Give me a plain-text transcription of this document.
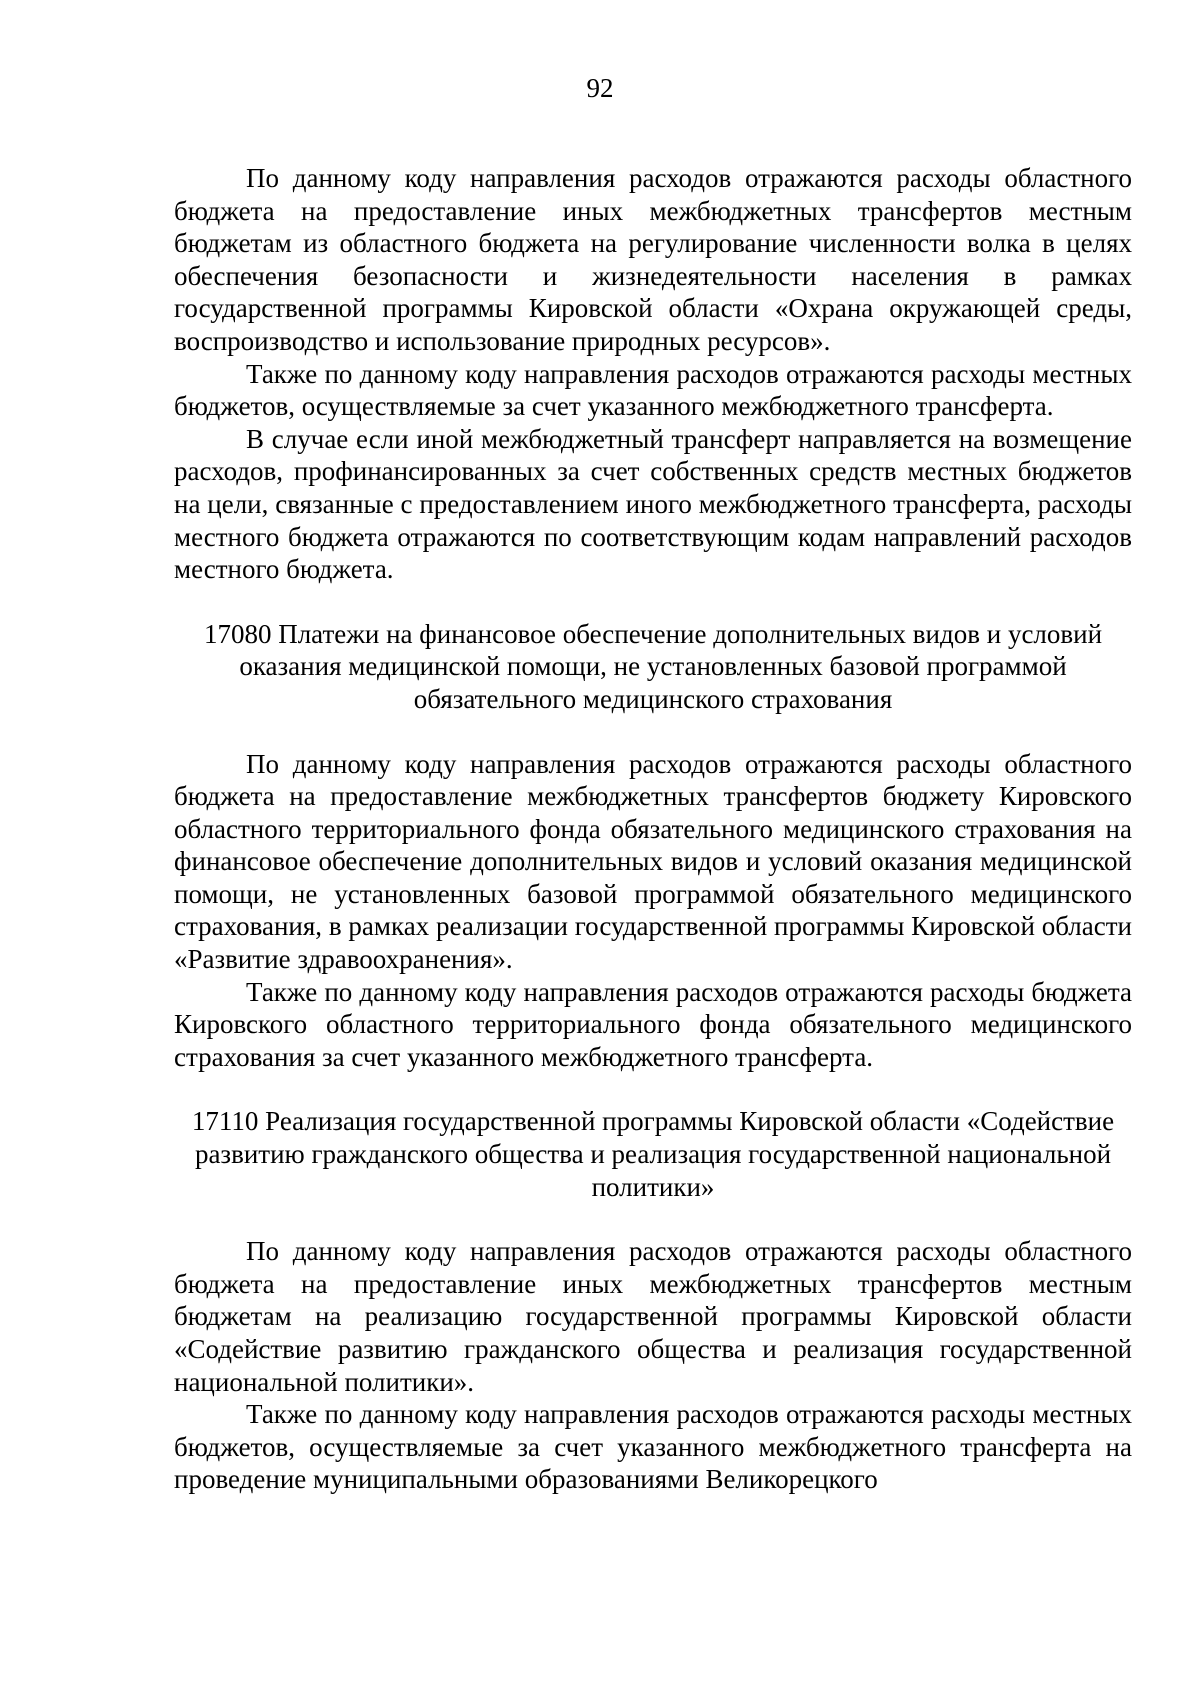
92

По данному коду направления расходов отражаются расходы областного бюджета на предоставление иных межбюджетных трансфертов местным бюджетам из областного бюджета на регулирование численности волка в целях обеспечения безопасности и жизнедеятельности населения в рамках государственной программы Кировской области «Охрана окружающей среды, воспроизводство и использование природных ресурсов».

Также по данному коду направления расходов отражаются расходы местных бюджетов, осуществляемые за счет указанного межбюджетного трансферта.

В случае если иной межбюджетный трансферт направляется на возмещение расходов, профинансированных за счет собственных средств местных бюджетов на цели, связанные с предоставлением иного межбюджетного трансферта, расходы местного бюджета отражаются по соответствующим кодам направлений расходов местного бюджета.

17080 Платежи на финансовое обеспечение дополнительных видов и условий оказания медицинской помощи, не установленных базовой программой обязательного медицинского страхования

По данному коду направления расходов отражаются расходы областного бюджета на предоставление межбюджетных трансфертов бюджету Кировского областного территориального фонда обязательного медицинского страхования на финансовое обеспечение дополнительных видов и условий оказания медицинской помощи, не установленных базовой программой обязательного медицинского страхования, в рамках реализации государственной программы Кировской области «Развитие здравоохранения».

Также по данному коду направления расходов отражаются расходы бюджета Кировского областного территориального фонда обязательного медицинского страхования за счет указанного межбюджетного трансферта.

17110 Реализация государственной программы Кировской области «Содействие развитию гражданского общества и реализация государственной национальной политики»

По данному коду направления расходов отражаются расходы областного бюджета на предоставление иных межбюджетных трансфертов местным бюджетам на реализацию государственной программы Кировской области «Содействие развитию гражданского общества и реализация государственной национальной политики».

Также по данному коду направления расходов отражаются расходы местных бюджетов, осуществляемые за счет указанного межбюджетного трансферта на проведение муниципальными образованиями Великорецкого
